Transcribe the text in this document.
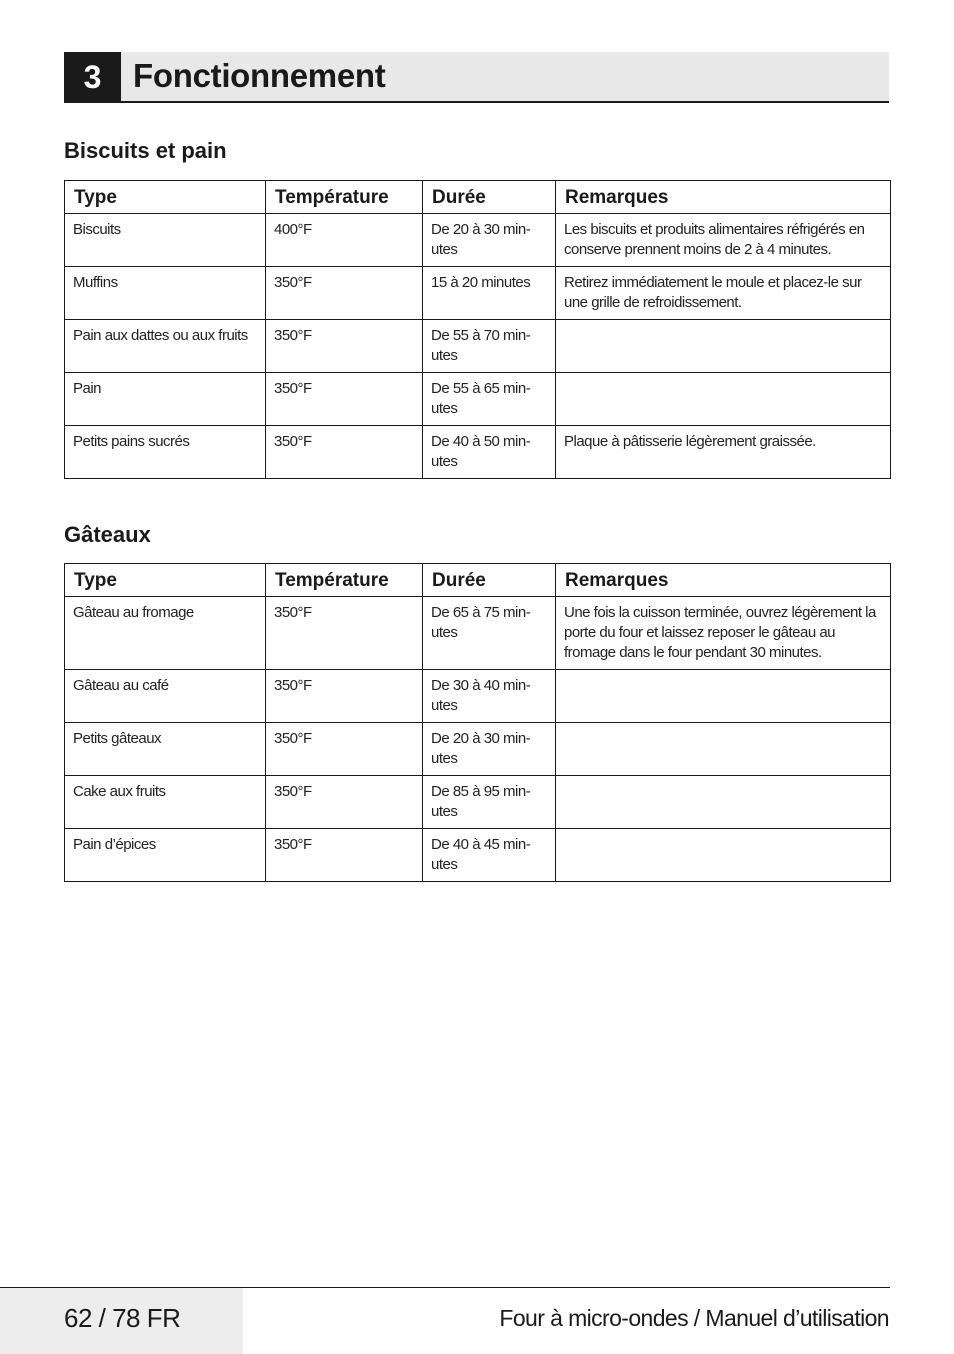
3 Fonctionnement
Biscuits et pain
Type	Température	Durée	Remarques
Biscuits	400°F	De 20 à 30 min-utes	Les biscuits et produits alimentaires réfrigérés en conserve prennent moins de 2 à 4 minutes.
Muffins	350°F	15 à 20 minutes	Retirez immédiatement le moule et placez-le sur une grille de refroidissement.
Pain aux dattes ou aux fruits	350°F	De 55 à 70 min-utes	
Pain	350°F	De 55 à 65 min-utes	
Petits pains sucrés	350°F	De 40 à 50 min-utes	Plaque à pâtisserie légèrement graissée.
Gâteaux
Type	Température	Durée	Remarques
Gâteau au fromage	350°F	De 65 à 75 min-utes	Une fois la cuisson terminée, ouvrez légèrement la porte du four et laissez reposer le gâteau au fromage dans le four pendant 30 minutes.
Gâteau au café	350°F	De 30 à 40 min-utes	
Petits gâteaux	350°F	De 20 à 30 min-utes	
Cake aux fruits	350°F	De 85 à 95 min-utes	
Pain d’épices	350°F	De 40 à 45 min-utes	
62 / 78 FR	Four à micro-ondes / Manuel d’utilisation
